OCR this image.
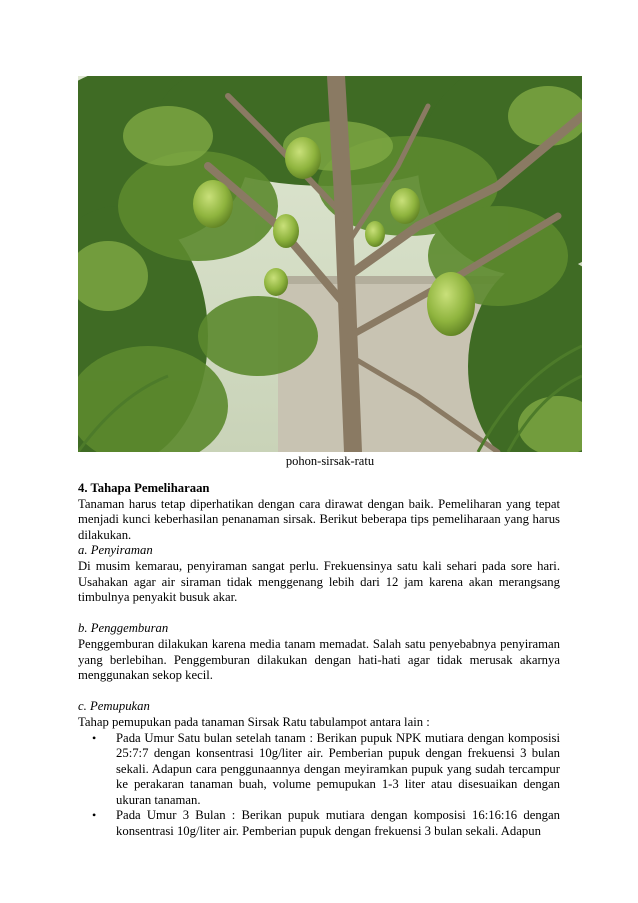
pohon-sirsak-ratu

4. Tahapa Pemeliharaan

Tanaman harus tetap diperhatikan dengan cara dirawat dengan baik. Pemeliharan yang tepat menjadi kunci keberhasilan penanaman sirsak. Berikut beberapa tips pemeliharaan yang harus dilakukan.

a. Penyiraman

Di musim kemarau, penyiraman sangat perlu. Frekuensinya satu kali sehari pada sore hari. Usahakan agar air siraman tidak menggenang lebih dari 12 jam karena akan merangsang timbulnya penyakit busuk akar.

b. Penggemburan

Penggemburan dilakukan karena media tanam memadat. Salah satu penyebabnya penyiraman yang berlebihan. Penggemburan dilakukan dengan hati-hati agar tidak merusak akarnya menggunakan sekop kecil.

c. Pemupukan

Tahap pemupukan pada tanaman Sirsak Ratu tabulampot antara lain :

• Pada Umur Satu bulan setelah tanam : Berikan pupuk NPK mutiara dengan komposisi 25:7:7 dengan konsentrasi 10g/liter air. Pemberian pupuk dengan frekuensi 3 bulan sekali. Adapun cara penggunaannya dengan meyiramkan pupuk yang sudah tercampur ke perakaran tanaman buah, volume pemupukan 1-3 liter atau disesuaikan dengan ukuran tanaman.
• Pada Umur 3 Bulan : Berikan pupuk mutiara dengan komposisi 16:16:16 dengan konsentrasi 10g/liter air. Pemberian pupuk dengan frekuensi 3 bulan sekali. Adapun
